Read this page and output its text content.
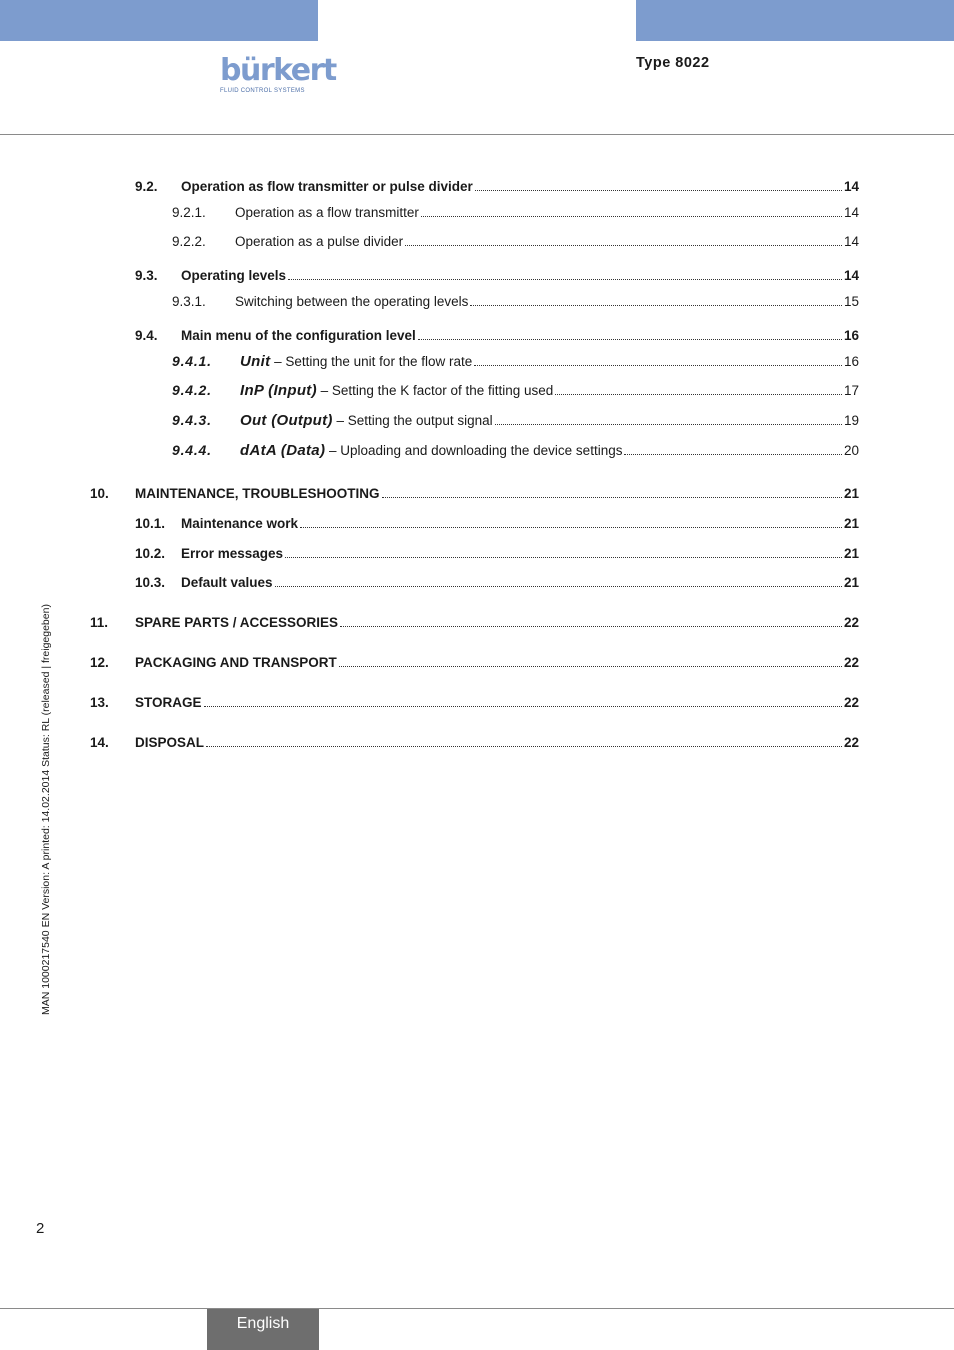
bürkert
FLUID CONTROL SYSTEMS
Type 8022
9.2.	Operation as flow transmitter or pulse divider	14
9.2.1.	Operation as a flow transmitter	14
9.2.2.	Operation as a pulse divider	14
9.3.	Operating levels	14
9.3.1.	Switching between the operating levels	15
9.4.	Main menu of the configuration level	16
9.4.1.	Unit – Setting the unit for the flow rate	16
9.4.2.	InP (Input) – Setting the K factor of the fitting used	17
9.4.3.	Out (Output) – Setting the output signal	19
9.4.4.	dAtA (Data) – Uploading and downloading the device settings	20
10.	MAINTENANCE, TROUBLESHOOTING	21
10.1.	Maintenance work	21
10.2.	Error messages	21
10.3.	Default values	21
11.	SPARE PARTS / ACCESSORIES	22
12.	PACKAGING AND TRANSPORT	22
13.	STORAGE	22
14.	DISPOSAL	22
MAN 1000217540 EN Version: A printed: 14.02.2014 Status: RL (released | freigegeben)
2
English
